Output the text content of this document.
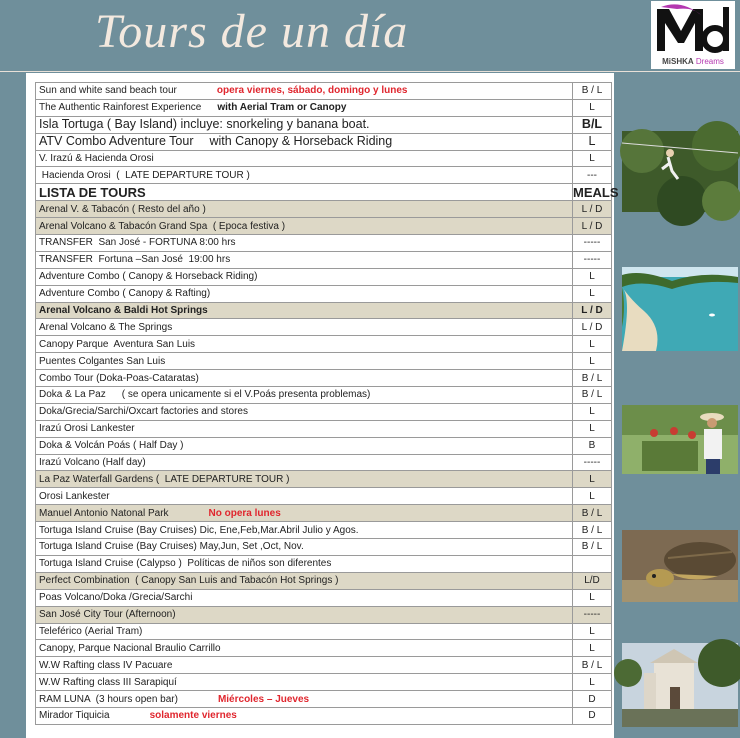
Tours de un día
MiSHKA Dreams
Sun and white sand beach tour opera viernes, sábado, domingo y lunes	B / L
The Authentic Rainforest Experience with Aerial Tram or Canopy	L
Isla Tortuga ( Bay Island) incluye: snorkeling y banana boat.	B/L
ATV Combo Adventure Tour with Canopy & Horseback Riding	L
V. Irazú & Hacienda Orosi	L
Hacienda Orosi  (  LATE DEPARTURE TOUR )	---
LISTA DE TOURS	MEALS
Arenal V. & Tabacón ( Resto del año )	L / D
Arenal Volcano & Tabacón Grand Spa  ( Epoca festiva )	L / D
TRANSFER  San José - FORTUNA 8:00 hrs	-----
TRANSFER  Fortuna –San José  19:00 hrs	-----
Adventure Combo ( Canopy & Horseback Riding)	L
Adventure Combo ( Canopy & Rafting)	L
Arenal Volcano & Baldi Hot Springs	L / D
Arenal Volcano & The Springs	L / D
Canopy Parque  Aventura San Luis	L
Puentes Colgantes San Luis	L
Combo Tour (Doka-Poas-Cataratas)	B / L
Doka & La Paz ( se opera unicamente si el V.Poás presenta problemas)	B / L
Doka/Grecia/Sarchi/Oxcart factories and stores	L
Irazú Orosi Lankester	L
Doka & Volcán Poás ( Half Day )	B
Irazú Volcano (Half day)	-----
La Paz Waterfall Gardens (  LATE DEPARTURE TOUR )	L
Orosi Lankester	L
Manuel Antonio Natonal Park No opera lunes	B / L
Tortuga Island Cruise (Bay Cruises) Dic, Ene,Feb,Mar.Abril Julio y Agos.	B / L
Tortuga Island Cruise (Bay Cruises) May,Jun, Set ,Oct, Nov.	B / L
Tortuga Island Cruise (Calypso )  Políticas de niños son diferentes	
Perfect Combination  ( Canopy San Luis and Tabacón Hot Springs )	L/D
Poas Volcano/Doka /Grecia/Sarchi	L
San José City Tour (Afternoon)	-----
Teleférico (Aerial Tram)	L
Canopy, Parque Nacional Braulio Carrillo	L
W.W Rafting class IV Pacuare	B / L
W.W Rafting class III Sarapiquí	L
RAM LUNA  (3 hours open bar) Miércoles – Jueves	D
Mirador Tiquicia solamente viernes	D
